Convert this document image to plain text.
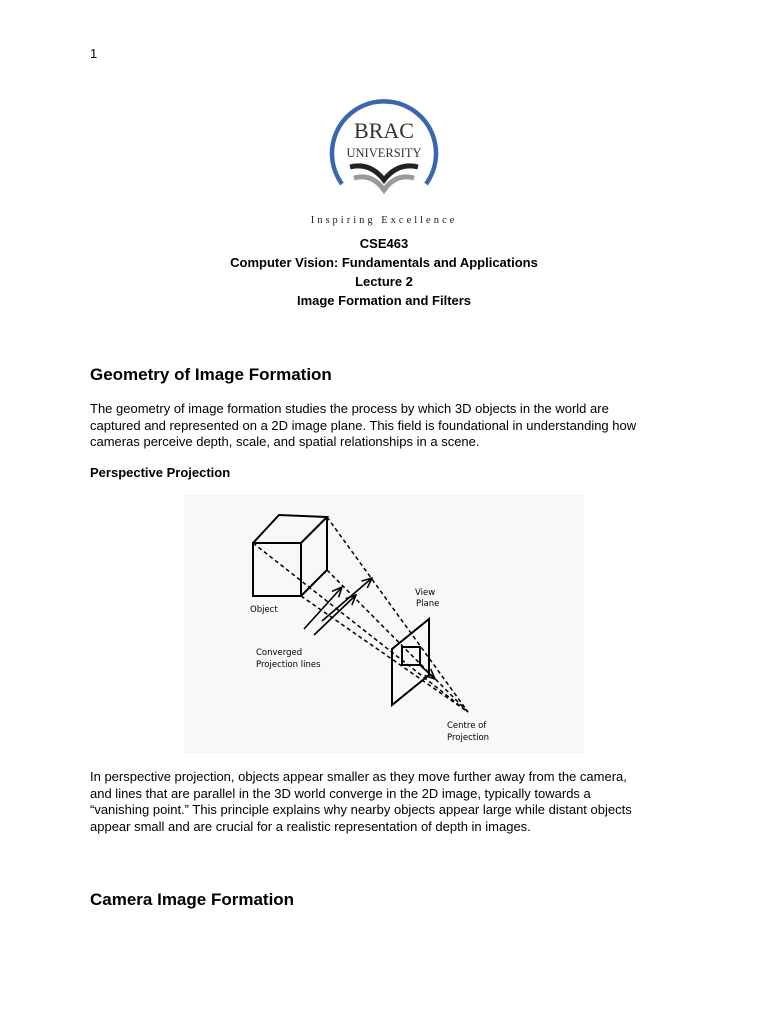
1
BRAC
UNIVERSITY
Inspiring Excellence
CSE463
Computer Vision: Fundamentals and Applications
Lecture 2
Image Formation and Filters
Geometry of Image Formation
The geometry of image formation studies the process by which 3D objects in the world are
captured and represented on a 2D image plane. This field is foundational in understanding how
cameras perceive depth, scale, and spatial relationships in a scene.
Perspective Projection
Object
View
Plane
Converged
Projection lines
Centre of
Projection
In perspective projection, objects appear smaller as they move further away from the camera,
and lines that are parallel in the 3D world converge in the 2D image, typically towards a
“vanishing point.” This principle explains why nearby objects appear large while distant objects
appear small and are crucial for a realistic representation of depth in images.
Camera Image Formation
